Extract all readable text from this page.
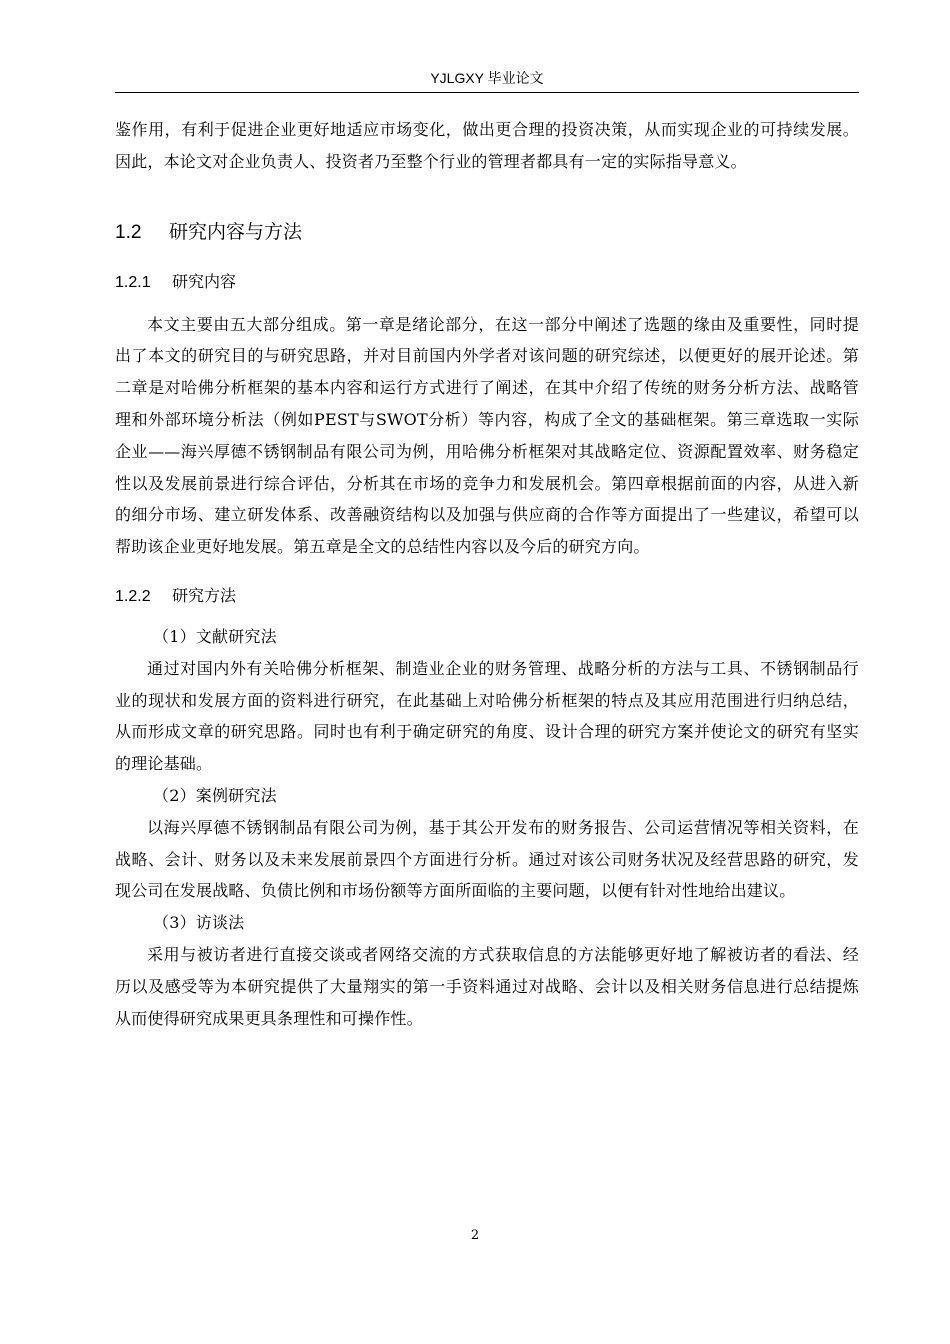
YJLGXY 毕业论文

鉴作用，有利于促进企业更好地适应市场变化，做出更合理的投资决策，从而实现企业的可持续发展。因此，本论文对企业负责人、投资者乃至整个行业的管理者都具有一定的实际指导意义。

1.2 研究内容与方法
1.2.1 研究内容

本文主要由五大部分组成。第一章是绪论部分，在这一部分中阐述了选题的缘由及重要性，同时提出了本文的研究目的与研究思路，并对目前国内外学者对该问题的研究综述，以便更好的展开论述。第二章是对哈佛分析框架的基本内容和运行方式进行了阐述，在其中介绍了传统的财务分析方法、战略管理和外部环境分析法（例如PEST与SWOT分析）等内容，构成了全文的基础框架。第三章选取一实际企业——海兴厚德不锈钢制品有限公司为例，用哈佛分析框架对其战略定位、资源配置效率、财务稳定性以及发展前景进行综合评估，分析其在市场的竞争力和发展机会。第四章根据前面的内容，从进入新的细分市场、建立研发体系、改善融资结构以及加强与供应商的合作等方面提出了一些建议，希望可以帮助该企业更好地发展。第五章是全文的总结性内容以及今后的研究方向。

1.2.2 研究方法

（1）文献研究法

通过对国内外有关哈佛分析框架、制造业企业的财务管理、战略分析的方法与工具、不锈钢制品行业的现状和发展方面的资料进行研究，在此基础上对哈佛分析框架的特点及其应用范围进行归纳总结，从而形成文章的研究思路。同时也有利于确定研究的角度、设计合理的研究方案并使论文的研究有坚实的理论基础。

（2）案例研究法

以海兴厚德不锈钢制品有限公司为例，基于其公开发布的财务报告、公司运营情况等相关资料，在战略、会计、财务以及未来发展前景四个方面进行分析。通过对该公司财务状况及经营思路的研究，发现公司在发展战略、负债比例和市场份额等方面所面临的主要问题，以便有针对性地给出建议。

（3）访谈法

采用与被访者进行直接交谈或者网络交流的方式获取信息的方法能够更好地了解被访者的看法、经历以及感受等为本研究提供了大量翔实的第一手资料通过对战略、会计以及相关财务信息进行总结提炼从而使得研究成果更具条理性和可操作性。

2
